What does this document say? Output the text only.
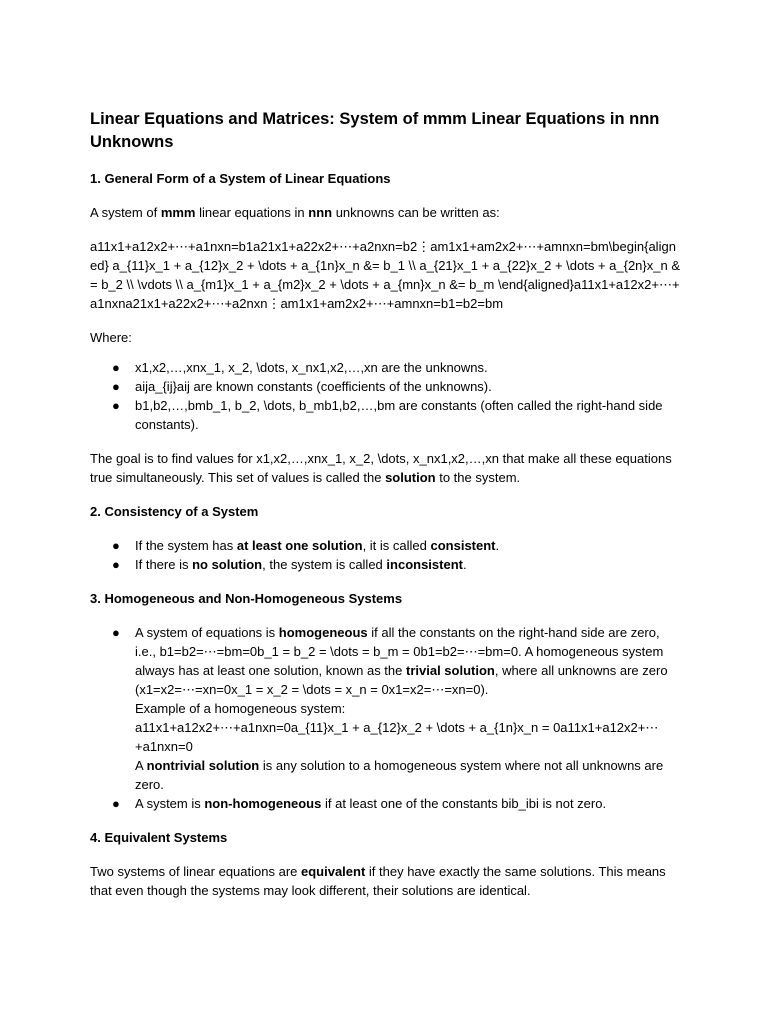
Linear Equations and Matrices: System of mmm Linear Equations in nnn Unknowns
1. General Form of a System of Linear Equations

A system of mmm linear equations in nnn unknowns can be written as:

a11x1+a12x2+⋯+a1nxn=b1a21x1+a22x2+⋯+a2nxn=b2⋮am1x1+am2x2+⋯+amnxn=bm\begin{aligned} a_{11}x_1 + a_{12}x_2 + \dots + a_{1n}x_n &= b_1 \\ a_{21}x_1 + a_{22}x_2 + \dots + a_{2n}x_n &= b_2 \\ \vdots \\ a_{m1}x_1 + a_{m2}x_2 + \dots + a_{mn}x_n &= b_m \end{aligned}a11x1+a12x2+⋯+a1nxna21x1+a22x2+⋯+a2nxn⋮am1x1+am2x2+⋯+amnxn=b1=b2=bm

Where:

● x1,x2,…,xnx_1, x_2, \dots, x_nx1,x2,…,xn are the unknowns.
● aija_{ij}aij are known constants (coefficients of the unknowns).
● b1,b2,…,bmb_1, b_2, \dots, b_mb1,b2,…,bm are constants (often called the right-hand side constants).

The goal is to find values for x1,x2,…,xnx_1, x_2, \dots, x_nx1,x2,…,xn that make all these equations true simultaneously. This set of values is called the solution to the system.

2. Consistency of a System
● If the system has at least one solution, it is called consistent.
● If there is no solution, the system is called inconsistent.
3. Homogeneous and Non-Homogeneous Systems
● A system of equations is homogeneous if all the constants on the right-hand side are zero, i.e., b1=b2=⋯=bm=0b_1 = b_2 = \dots = b_m = 0b1=b2=⋯=bm=0. A homogeneous system always has at least one solution, known as the trivial solution, where all unknowns are zero (x1=x2=⋯=xn=0x_1 = x_2 = \dots = x_n = 0x1=x2=⋯=xn=0).
Example of a homogeneous system:
a11x1+a12x2+⋯+a1nxn=0a_{11}x_1 + a_{12}x_2 + \dots + a_{1n}x_n = 0a11x1+a12x2+⋯+a1nxn=0
A nontrivial solution is any solution to a homogeneous system where not all unknowns are zero.
● A system is non-homogeneous if at least one of the constants bib_ibi is not zero.
4. Equivalent Systems

Two systems of linear equations are equivalent if they have exactly the same solutions. This means that even though the systems may look different, their solutions are identical.
